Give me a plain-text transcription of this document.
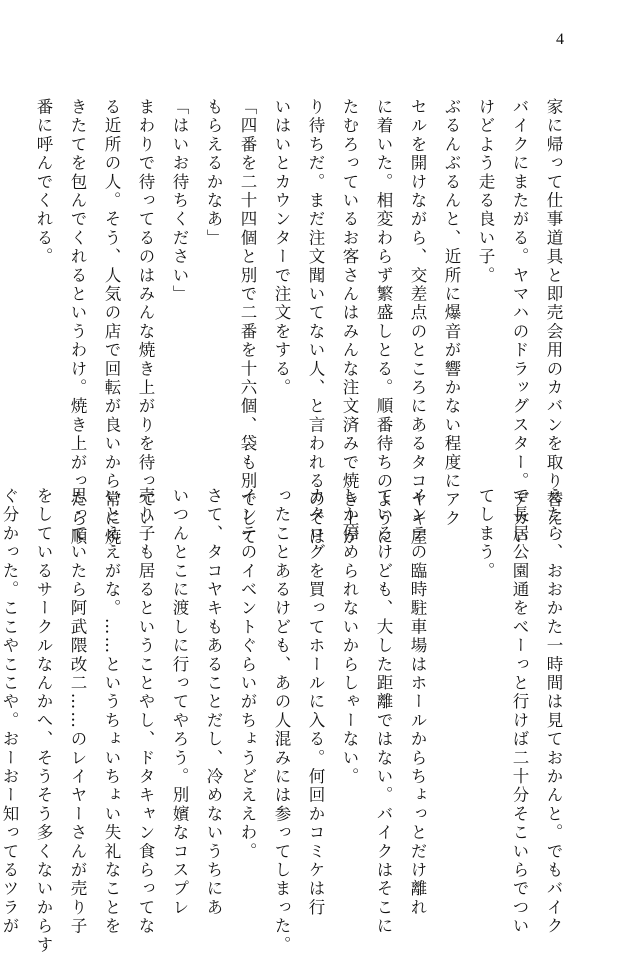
4
家に帰って仕事道具と即売会用のカバンを取り替え、
バイクにまたがる。ヤマハのドラッグスター。デカい
けどよう走る良い子。
ぶるんぶるんと、近所に爆音が響かない程度にアク
セルを開けながら、交差点のところにあるタコヤキ屋
に着いた。相変わらず繁盛しとる。順番待ちのように
たむろっているお客さんはみんな注文済みで焼き上が
り待ちだ。まだ注文聞いてない人、と言われるのでは
いはいとカウンターで注文をする。
「四番を二十四個と別で二番を十六個、袋も別でして
もらえるかなあ」
「はいお待ちください」
まわりで待ってるのはみんな焼き上がりを待ってい
る近所の人。そう、人気の店で回転が良いから常に焼
きたてを包んでくれるというわけ。焼き上がったら順
番に呼んでくれる。

えたら、おおかた一時間は見ておかんと。でもバイク
で長居公園通をべーっと行けば二十分そこいらでつい
てしまう。

インテの臨時駐車場はホールからちょっとだけ離れ
ているけども、大した距離ではない。バイクはそこに
しか停められないからしゃーない。
カタログを買ってホールに入る。何回かコミケは行
ったことあるけども、あの人混みには参ってしまった。
インテのイベントぐらいがちょうどええわ。
さて、タコヤキもあることだし、冷めないうちにあ
いつんとこに渡しに行ってやろう。別嬪なコスプレ
売り子も居るということやし、ドタキャン食らってな
いとええがな。……というちょいちょい失礼なことを
思っていたら阿武隈改二……のレイヤーさんが売り子
をしているサークルなんかへ、そうそう多くないからす
ぐ分かった。ここやここや。おーおー知ってるツラが
